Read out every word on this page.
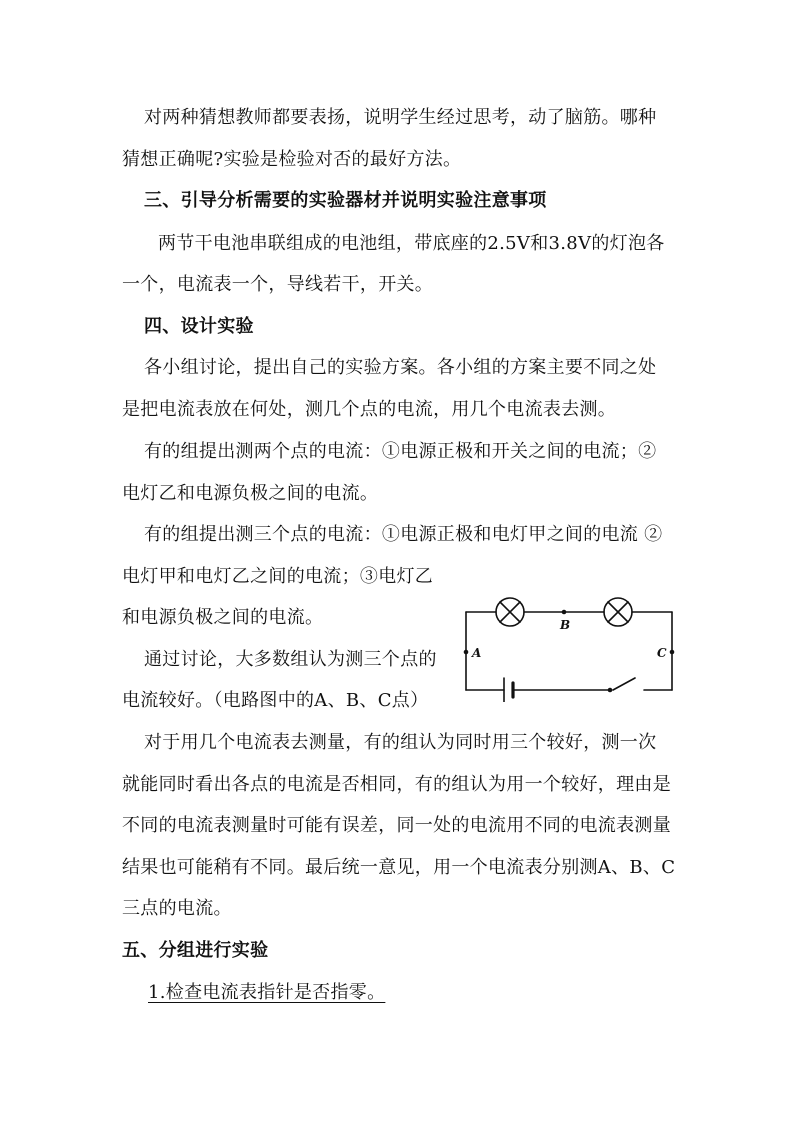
对两种猜想教师都要表扬，说明学生经过思考，动了脑筋。哪种
猜想正确呢?实验是检验对否的最好方法。
三、引导分析需要的实验器材并说明实验注意事项
两节干电池串联组成的电池组，带底座的2.5V和3.8V的灯泡各
一个，电流表一个，导线若干，开关。
四、设计实验
各小组讨论，提出自己的实验方案。各小组的方案主要不同之处
是把电流表放在何处，测几个点的电流，用几个电流表去测。
有的组提出测两个点的电流：①电源正极和开关之间的电流；②
电灯乙和电源负极之间的电流。
有的组提出测三个点的电流：①电源正极和电灯甲之间的电流 ②
电灯甲和电灯乙之间的电流；③电灯乙
和电源负极之间的电流。
通过讨论，大多数组认为测三个点的
电流较好。（电路图中的A、B、C点）
B
A	C
对于用几个电流表去测量，有的组认为同时用三个较好，测一次
就能同时看出各点的电流是否相同，有的组认为用一个较好，理由是
不同的电流表测量时可能有误差，同一处的电流用不同的电流表测量
结果也可能稍有不同。最后统一意见，用一个电流表分别测A、B、C
三点的电流。
五、分组进行实验
1.检查电流表指针是否指零。
